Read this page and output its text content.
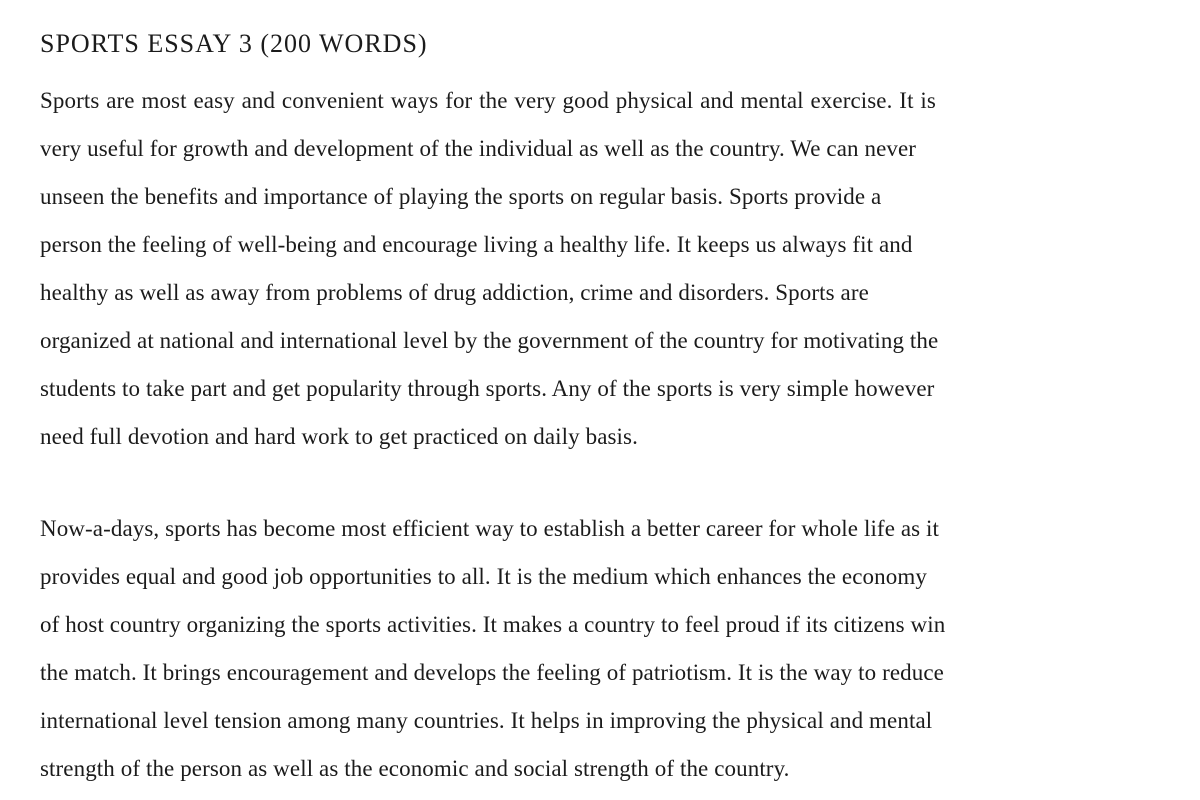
SPORTS ESSAY 3 (200 WORDS)
Sports are most easy and convenient ways for the very good physical and mental exercise. It is
very useful for growth and development of the individual as well as the country. We can never
unseen the benefits and importance of playing the sports on regular basis. Sports provide a
person the feeling of well-being and encourage living a healthy life. It keeps us always fit and
healthy as well as away from problems of drug addiction, crime and disorders. Sports are
organized at national and international level by the government of the country for motivating the
students to take part and get popularity through sports. Any of the sports is very simple however
need full devotion and hard work to get practiced on daily basis.
Now-a-days, sports has become most efficient way to establish a better career for whole life as it
provides equal and good job opportunities to all. It is the medium which enhances the economy
of host country organizing the sports activities. It makes a country to feel proud if its citizens win
the match. It brings encouragement and develops the feeling of patriotism. It is the way to reduce
international level tension among many countries. It helps in improving the physical and mental
strength of the person as well as the economic and social strength of the country.
